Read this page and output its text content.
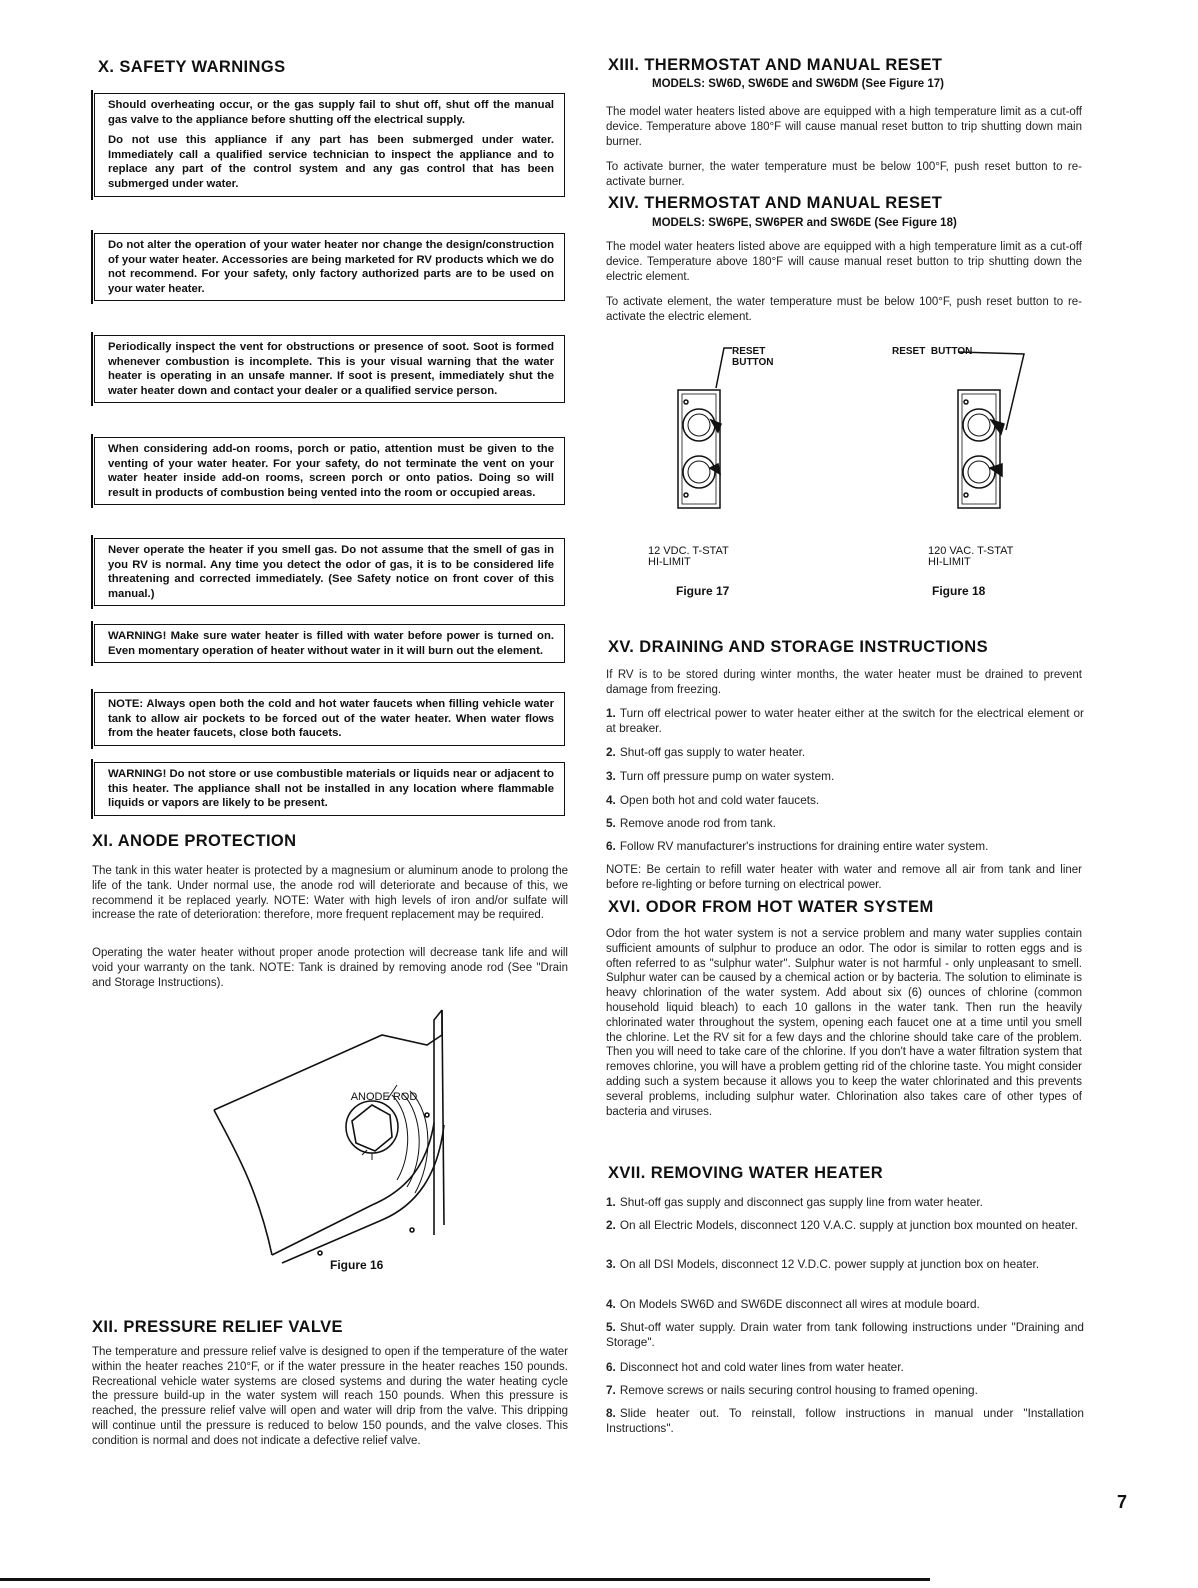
X. SAFETY WARNINGS

Should overheating occur, or the gas supply fail to shut off, shut off the manual gas valve to the appliance before shutting off the electrical supply.

Do not use this appliance if any part has been submerged under water. Immediately call a qualified service technician to inspect the appliance and to replace any part of the control system and any gas control that has been submerged under water.

Do not alter the operation of your water heater nor change the design/construction of your water heater. Accessories are being marketed for RV products which we do not recommend. For your safety, only factory authorized parts are to be used on your water heater.

Periodically inspect the vent for obstructions or presence of soot. Soot is formed whenever combustion is incomplete. This is your visual warning that the water heater is operating in an unsafe manner. If soot is present, immediately shut the water heater down and contact your dealer or a qualified service person.

When considering add-on rooms, porch or patio, attention must be given to the venting of your water heater. For your safety, do not terminate the vent on your water heater inside add-on rooms, screen porch or onto patios. Doing so will result in products of combustion being vented into the room or occupied areas.

Never operate the heater if you smell gas. Do not assume that the smell of gas in you RV is normal. Any time you detect the odor of gas, it is to be considered life threatening and corrected immediately. (See Safety notice on front cover of this manual.)

WARNING! Make sure water heater is filled with water before power is turned on. Even momentary operation of heater without water in it will burn out the element.

NOTE: Always open both the cold and hot water faucets when filling vehicle water tank to allow air pockets to be forced out of the water heater. When water flows from the heater faucets, close both faucets.

WARNING! Do not store or use combustible materials or liquids near or adjacent to this heater. The appliance shall not be installed in any location where flammable liquids or vapors are likely to be present.

XI. ANODE PROTECTION

The tank in this water heater is protected by a magnesium or aluminum anode to prolong the life of the tank. Under normal use, the anode rod will deteriorate and because of this, we recommend it be replaced yearly. NOTE: Water with high levels of iron and/or sulfate will increase the rate of deterioration: therefore, more frequent replacement may be required.

Operating the water heater without proper anode protection will decrease tank life and will void your warranty on the tank. NOTE: Tank is drained by removing anode rod (See "Drain and Storage Instructions).

ANODE ROD
Figure 16
XII. PRESSURE RELIEF VALVE

The temperature and pressure relief valve is designed to open if the temperature of the water within the heater reaches 210°F, or if the water pressure in the heater reaches 150 pounds. Recreational vehicle water systems are closed systems and during the water heating cycle the pressure build-up in the water system will reach 150 pounds. When this pressure is reached, the pressure relief valve will open and water will drip from the valve. This dripping will continue until the pressure is reduced to below 150 pounds, and the valve closes. This condition is normal and does not indicate a defective relief valve.

XIII. THERMOSTAT AND MANUAL RESET
MODELS: SW6D, SW6DE and SW6DM (See Figure 17)

The model water heaters listed above are equipped with a high temperature limit as a cut-off device. Temperature above 180°F will cause manual reset button to trip shutting down main burner.

To activate burner, the water temperature must be below 100°F, push reset button to re-activate burner.

XIV. THERMOSTAT AND MANUAL RESET
MODELS: SW6PE, SW6PER and SW6DE (See Figure 18)

The model water heaters listed above are equipped with a high temperature limit as a cut-off device. Temperature above 180°F will cause manual reset button to trip shutting down the electric element.

To activate element, the water temperature must be below 100°F, push reset button to re-activate the electric element.

RESET
BUTTON
12 VDC. T-STAT
HI-LIMIT
Figure 17
RESET  BUTTON
120 VAC. T-STAT
HI-LIMIT
Figure 18
XV. DRAINING AND STORAGE INSTRUCTIONS

If RV is to be stored during winter months, the water heater must be drained to prevent damage from freezing.

1. Turn off electrical power to water heater either at the switch for the electrical element or at breaker.
2. Shut-off gas supply to water heater.
3. Turn off pressure pump on water system.
4. Open both hot and cold water faucets.
5. Remove anode rod from tank.
6. Follow RV manufacturer's instructions for draining entire water system.

NOTE: Be certain to refill water heater with water and remove all air from tank and liner before re-lighting or before turning on electrical power.

XVI. ODOR FROM HOT WATER SYSTEM

Odor from the hot water system is not a service problem and many water supplies contain sufficient amounts of sulphur to produce an odor. The odor is similar to rotten eggs and is often referred to as "sulphur water". Sulphur water is not harmful - only unpleasant to smell. Sulphur water can be caused by a chemical action or by bacteria. The solution to eliminate is heavy chlorination of the water system. Add about six (6) ounces of chlorine (common household liquid bleach) to each 10 gallons in the water tank. Then run the heavily chlorinated water throughout the system, opening each faucet one at a time until you smell the chlorine. Let the RV sit for a few days and the chlorine should take care of the problem. Then you will need to take care of the chlorine. If you don't have a water filtration system that removes chlorine, you will have a problem getting rid of the chlorine taste. You might consider adding such a system because it allows you to keep the water chlorinated and this prevents several problems, including sulphur water. Chlorination also takes care of other types of bacteria and viruses.

XVII. REMOVING WATER HEATER
1. Shut-off gas supply and disconnect gas supply line from water heater.
2. On all Electric Models, disconnect 120 V.A.C. supply at junction box mounted on heater.
3. On all DSI Models, disconnect 12 V.D.C. power supply at junction box on heater.
4. On Models SW6D and SW6DE disconnect all wires at module board.
5. Shut-off water supply. Drain water from tank following instructions under "Draining and Storage".
6. Disconnect hot and cold water lines from water heater.
7. Remove screws or nails securing control housing to framed opening.
8. Slide heater out. To reinstall, follow instructions in manual under "Installation Instructions".
7
